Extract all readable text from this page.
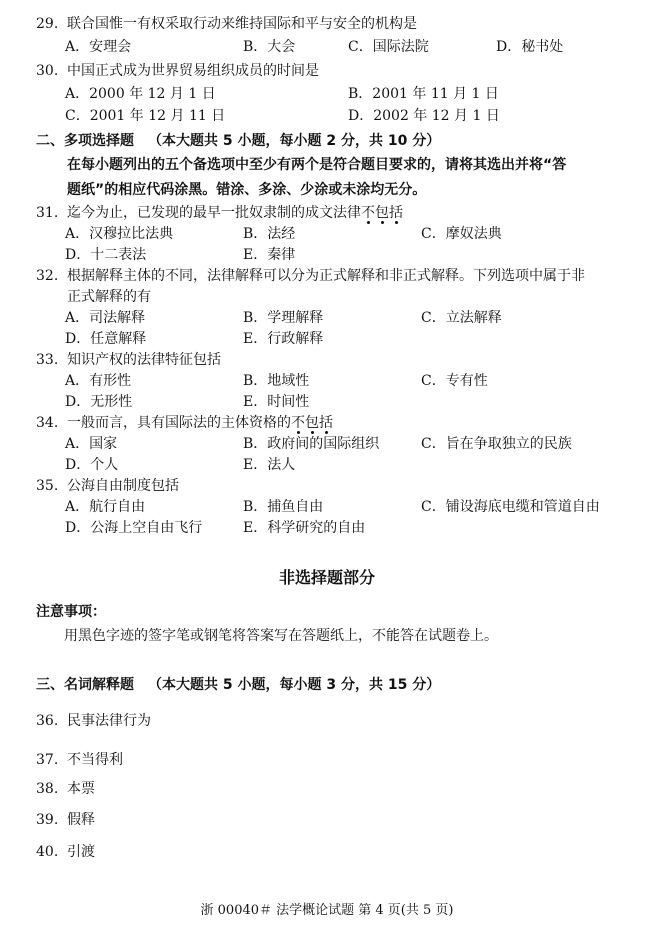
29. 联合国惟一有权采取行动来维持国际和平与安全的机构是
A．安理会	B．大会	C．国际法院	D．秘书处
30. 中国正式成为世界贸易组织成员的时间是
A．2000 年 12 月 1 日	B．2001 年 11 月 1 日
C．2001 年 12 月 11 日	D．2002 年 12 月 1 日
二、多项选择题 （本大题共 5 小题，每小题 2 分，共 10 分）
在每小题列出的五个备选项中至少有两个是符合题目要求的，请将其选出并将“答
题纸”的相应代码涂黑。错涂、多涂、少涂或未涂均无分。
31. 迄今为止，已发现的最早一批奴隶制的成文法律不包括
A．汉穆拉比法典	B．法经	C．摩奴法典
D．十二表法	E．秦律
32. 根据解释主体的不同，法律解释可以分为正式解释和非正式解释。下列选项中属于非
正式解释的有
A．司法解释	B．学理解释	C．立法解释
D．任意解释	E．行政解释
33. 知识产权的法律特征包括
A．有形性	B．地域性	C．专有性
D．无形性	E．时间性
34. 一般而言，具有国际法的主体资格的不包括
A．国家	B．政府间的国际组织	C．旨在争取独立的民族
D．个人	E．法人
35. 公海自由制度包括
A．航行自由	B．捕鱼自由	C．铺设海底电缆和管道自由
D．公海上空自由飞行	E．科学研究的自由
非选择题部分
注意事项：
用黑色字迹的签字笔或钢笔将答案写在答题纸上，不能答在试题卷上。
三、名词解释题 （本大题共 5 小题，每小题 3 分，共 15 分）
36. 民事法律行为
37. 不当得利
38. 本票
39. 假释
40. 引渡
浙 00040＃ 法学概论试题 第 4 页(共 5 页)
